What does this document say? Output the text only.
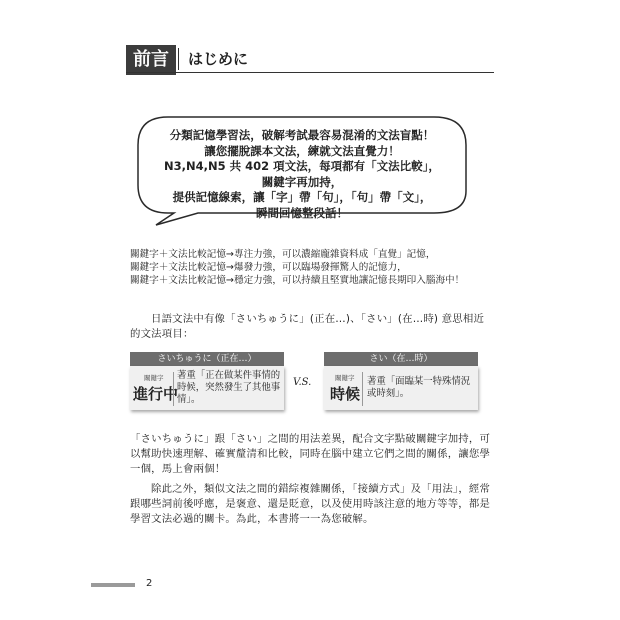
前言	はじめに
分類記憶學習法，破解考試最容易混淆的文法盲點！
讓您擺脫課本文法，練就文法直覺力！
N3,N4,N5 共 402 項文法，每項都有「文法比較」，
關鍵字再加持，
提供記憶線索，讓「字」帶「句」，「句」帶「文」，
瞬間回憶整段話！
關鍵字＋文法比較記憶→專注力強，可以濃縮龐雜資料成「直覺」記憶，
關鍵字＋文法比較記憶→爆發力強，可以臨場發揮驚人的記憶力，
關鍵字＋文法比較記憶→穩定力強，可以持續且堅實地讓記憶長期印入腦海中！
日語文法中有像「さいちゅうに」(正在…)、「さい」(在…時) 意思相近的文法項目：
さいちゅうに（正在…）
關鍵字
進行中
著重「正在做某件事情的時候，突然發生了其他事情」。
V.S.
さい（在…時）
關鍵字
時候
著重「面臨某一特殊情況或時刻」。
「さいちゅうに」跟「さい」之間的用法差異，配合文字點破關鍵字加持，可以幫助快速理解、確實釐清和比較，同時在腦中建立它們之間的關係，讓您學一個，馬上會兩個！
除此之外，類似文法之間的錯綜複雜關係，「接續方式」及「用法」，經常跟哪些詞前後呼應，是褒意、還是貶意，以及使用時該注意的地方等等，都是學習文法必過的關卡。為此，本書將一一為您破解。
2
